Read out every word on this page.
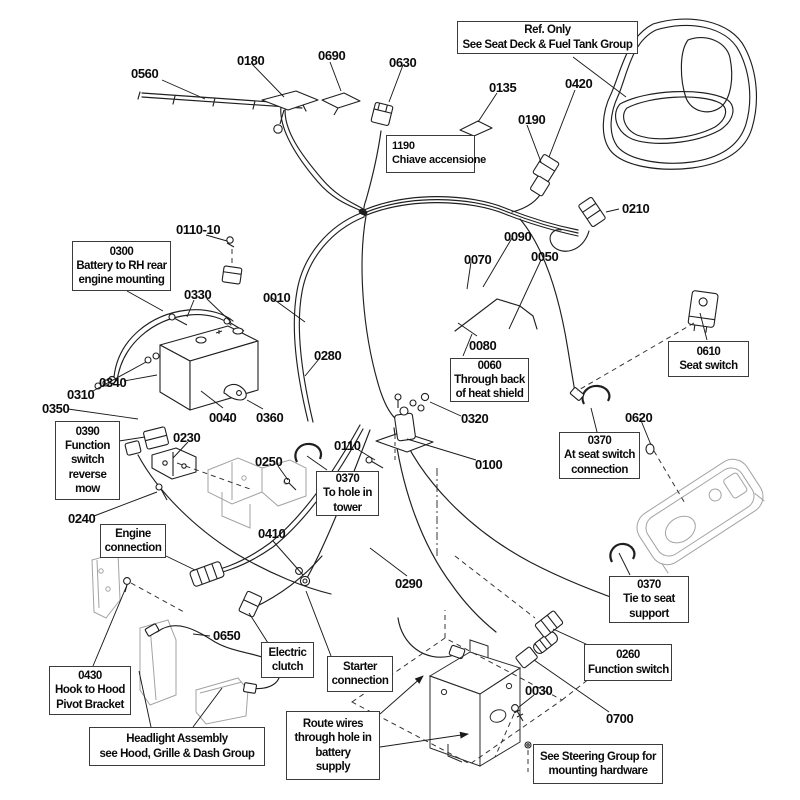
0560
0180	0690	0630
0135	0420
0190
0210
0110-10
0330	0010
0090
0070	0050
0080
0280
0340
0310
0350
0040 0360	0320
0110
0100
0620
0230
0250
0240
0410
0290
0650
0030
0700
Ref. Only
See Seat Deck & Fuel Tank Group
1190
Chiave accensione
0300
Battery to RH rear
engine mounting
0060
Through back
of heat shield
0610
Seat switch
0370
At seat switch
connection
0370
To hole in
tower
0390
Function
switch
reverse
mow
Engine
connection
0370
Tie to seat
support
Electric
clutch	Starter
connection
0260
Function switch
0430
Hook to Hood
Pivot Bracket
Headlight Assembly
see Hood, Grille & Dash Group
Route wires
through hole in
battery
supply
See Steering Group for
mounting hardware
